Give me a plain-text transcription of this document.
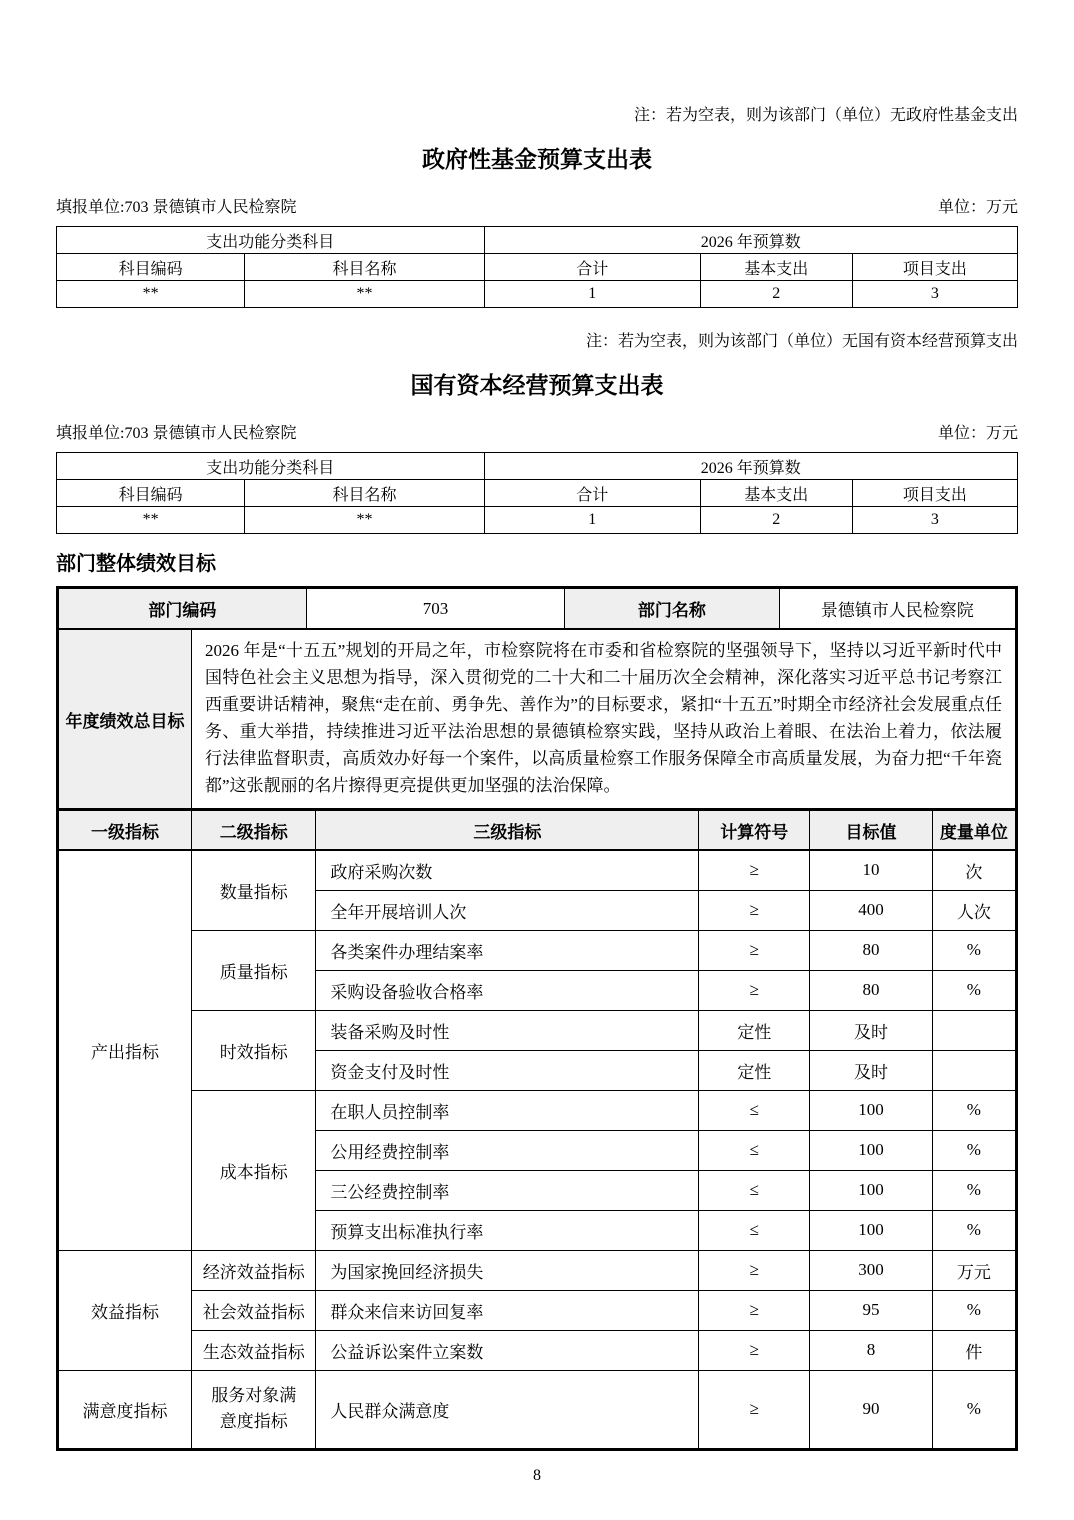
注：若为空表，则为该部门（单位）无政府性基金支出
政府性基金预算支出表
填报单位:703 景德镇市人民检察院	单位：万元
支出功能分类科目		2026 年预算数		
科目编码	科目名称	合计	基本支出	项目支出
**	**	1	2	3
注：若为空表，则为该部门（单位）无国有资本经营预算支出
国有资本经营预算支出表
填报单位:703 景德镇市人民检察院	单位：万元
支出功能分类科目		2026 年预算数		
科目编码	科目名称	合计	基本支出	项目支出
**	**	1	2	3
部门整体绩效目标
部门编码	703	部门名称	景德镇市人民检察院
年度绩效总目标	2026 年是“十五五”规划的开局之年，市检察院将在市委和省检察院的坚强领导下，坚持以习近平新时代中国特色社会主义思想为指导，深入贯彻党的二十大和二十届历次全会精神，深化落实习近平总书记考察江西重要讲话精神，聚焦“走在前、勇争先、善作为”的目标要求，紧扣“十五五”时期全市经济社会发展重点任务、重大举措，持续推进习近平法治思想的景德镇检察实践，坚持从政治上着眼、在法治上着力，依法履行法律监督职责，高质效办好每一个案件，以高质量检察工作服务保障全市高质量发展，为奋力把“千年瓷都”这张靓丽的名片擦得更亮提供更加坚强的法治保障。
一级指标	二级指标	三级指标	计算符号	目标值	度量单位
产出指标	数量指标	政府采购次数	≥	10	次
		全年开展培训人次	≥	400	人次
	质量指标	各类案件办理结案率	≥	80	%
		采购设备验收合格率	≥	80	%
	时效指标	装备采购及时性	定性	及时	
		资金支付及时性	定性	及时	
	成本指标	在职人员控制率	≤	100	%
		公用经费控制率	≤	100	%
		三公经费控制率	≤	100	%
		预算支出标准执行率	≤	100	%
效益指标	经济效益指标	为国家挽回经济损失	≥	300	万元
	社会效益指标	群众来信来访回复率	≥	95	%
	生态效益指标	公益诉讼案件立案数	≥	8	件
满意度指标	服务对象满意度指标	人民群众满意度	≥	90	%
8
